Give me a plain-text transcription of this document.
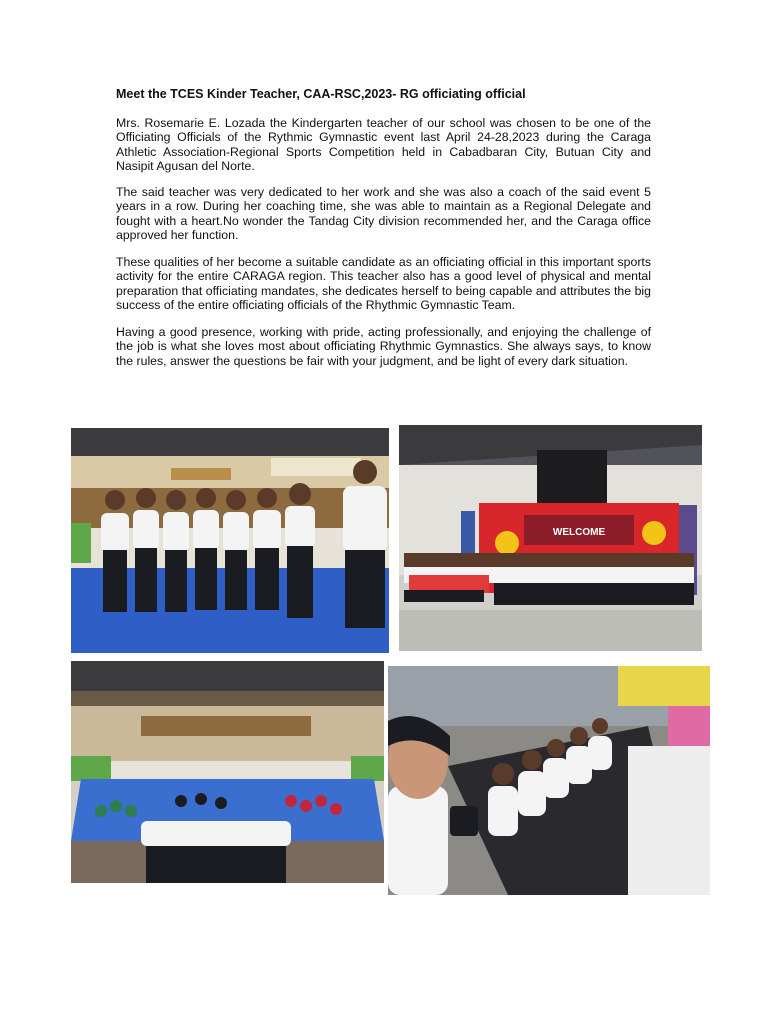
Meet the TCES Kinder Teacher, CAA-RSC,2023- RG officiating official

Mrs. Rosemarie E. Lozada the Kindergarten teacher of our school was chosen to be one of the Officiating Officials of the Rythmic Gymnastic event last April 24-28,2023 during the Caraga Athletic Association-Regional Sports Competition held in Cabadbaran City, Butuan City and Nasipit Agusan del Norte.

The said teacher was very dedicated to her work and she was also a coach of the said event 5 years in a row. During her coaching time, she was able to maintain as a Regional Delegate and fought with a heart.No wonder the Tandag City division recommended her, and the Caraga office approved her function.

These qualities of her become a suitable candidate as an officiating official in this important sports activity for the entire CARAGA region. This teacher also has a good level of physical and mental preparation that officiating mandates, she dedicates herself to being capable and attributes the big success of the entire officiating officials of the Rhythmic Gymnastic Team.

Having a good presence, working with pride, acting professionally, and enjoying the challenge of the job is what she loves most about officiating Rhythmic Gymnastics. She always says, to know the rules, answer the questions be fair with your judgment, and be light of every dark situation.

WELCOME
